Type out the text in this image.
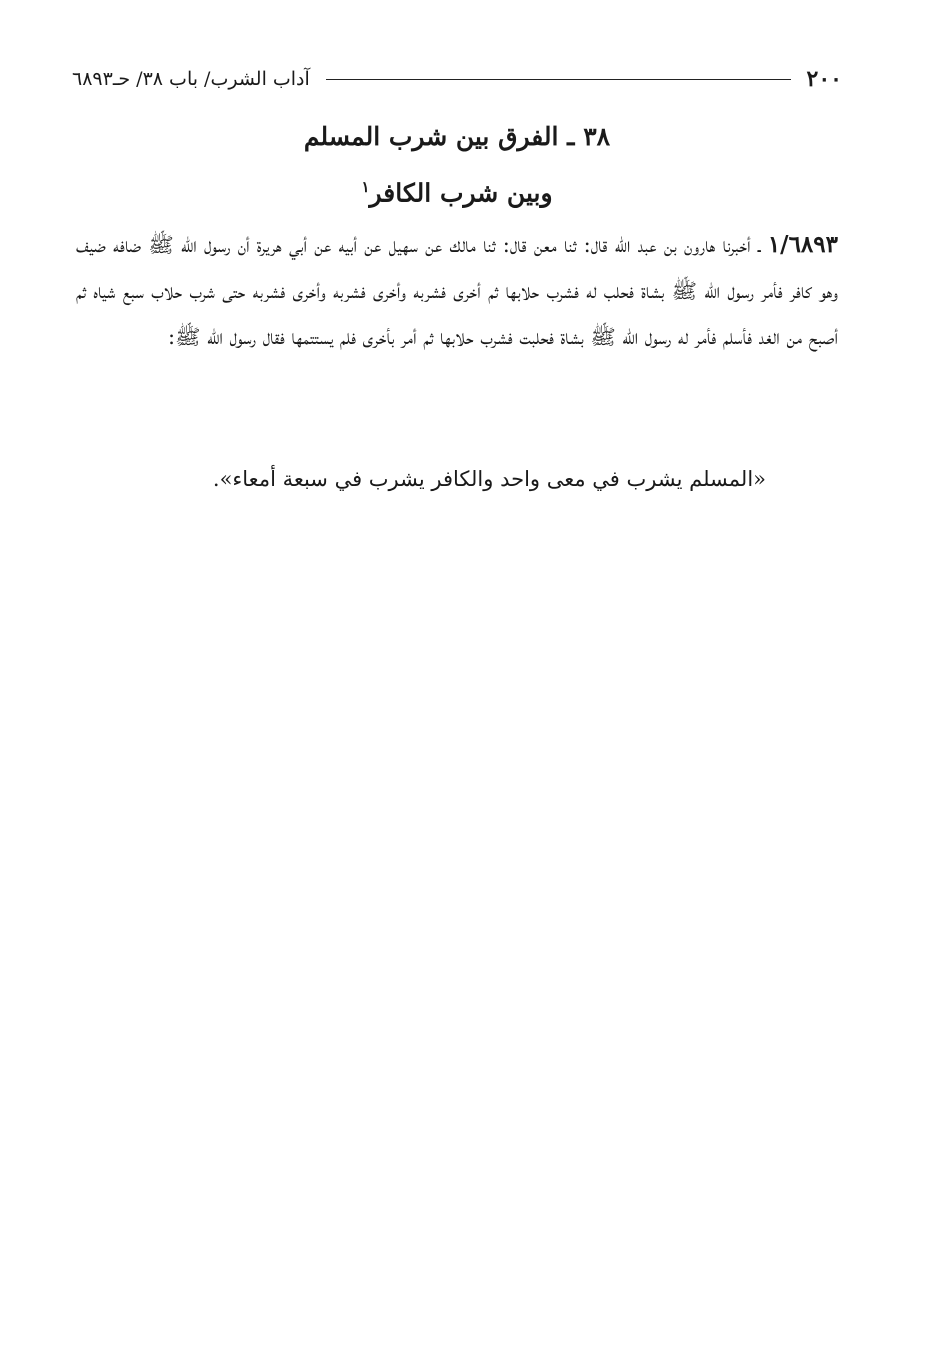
٢٠٠
آداب الشرب/ باب ٣٨/ حـ٦٨٩٣
٣٨ ـ الفرق بين شرب المسلم
وبين شرب الكافر$^١$
١/٦٨٩٣ ـ أخبرنا هارون بن عبد الله قال: ثنا معن قال: ثنا مالك عن سهيل عن أبيه عن أبي هريرة أن رسول الله ﷺ ضافه ضيف وهو كافر فأمر رسول الله ﷺ بشاة فحلب له فشرب حلابها ثم أخرى فشربه وأخرى فشربه وأخرى فشربه حتى شرب حلاب سبع شياه ثم أصبح من الغد فأسلم فأمر له رسول الله ﷺ بشاة فحلبت فشرب حلابها ثم أمر بأخرى فلم يستتمها فقال رسول الله ﷺ:
«المسلم يشرب في معى واحد والكافر يشرب في سبعة أمعاء».
